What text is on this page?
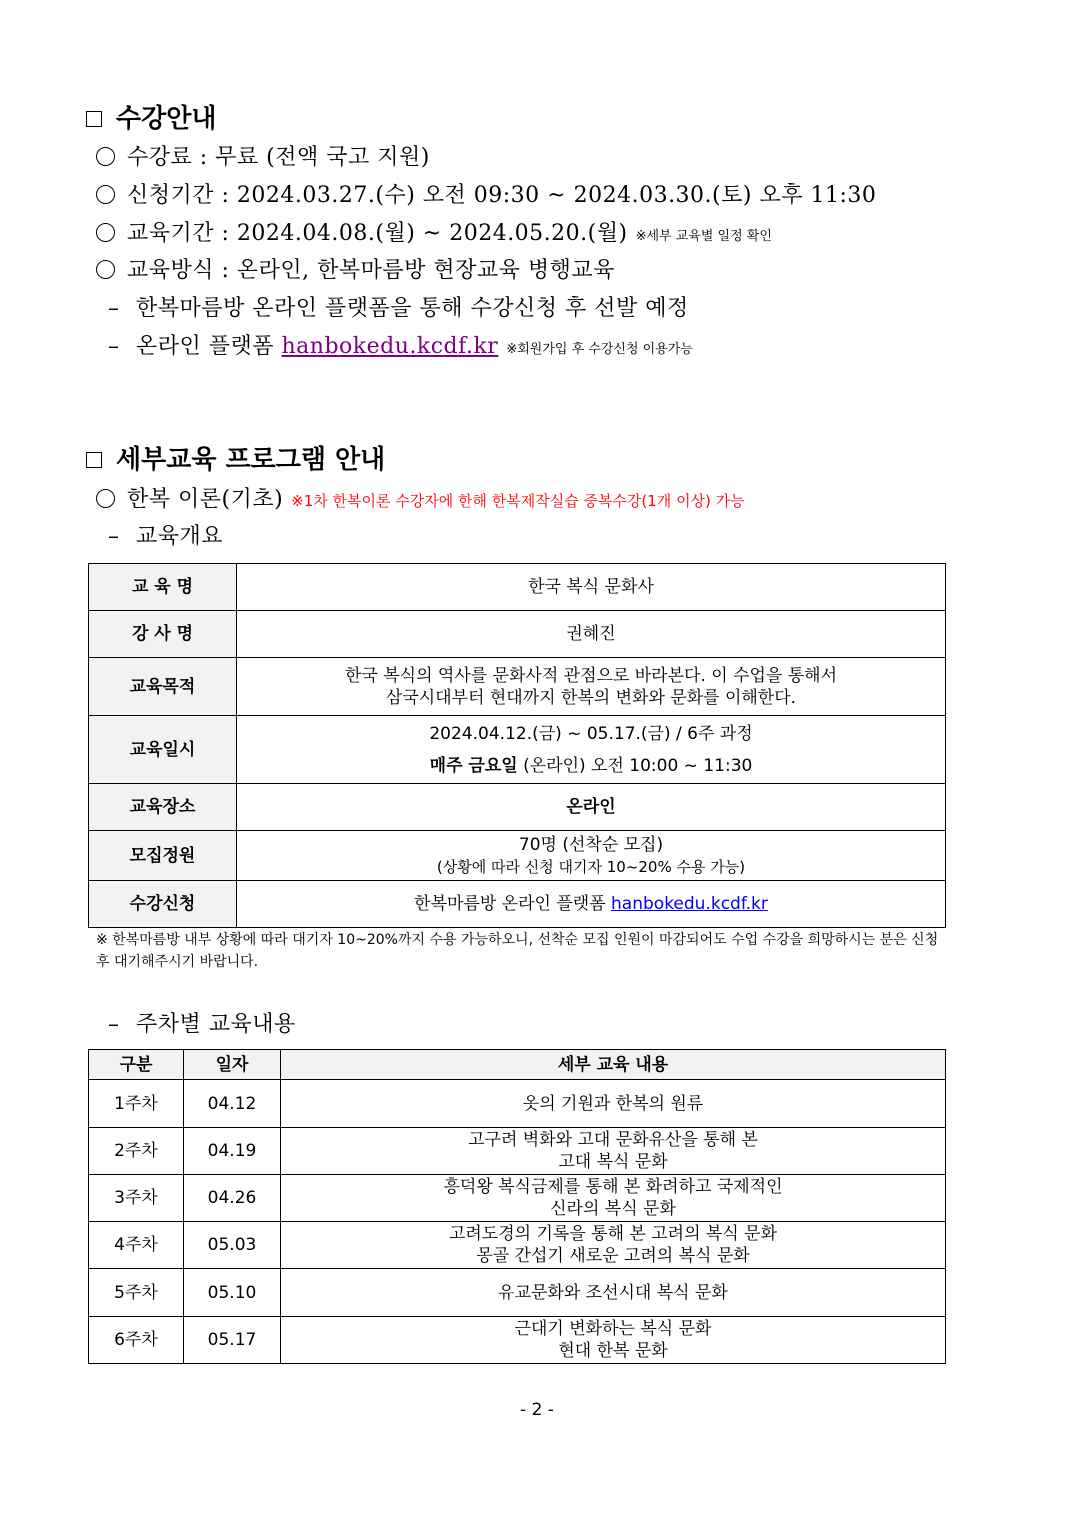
수강안내
수강료 : 무료 (전액 국고 지원)
신청기간 : 2024.03.27.(수) 오전 09:30 ~ 2024.03.30.(토) 오후 11:30
교육기간 : 2024.04.08.(월) ~ 2024.05.20.(월) ※세부 교육별 일정 확인
교육방식 : 온라인, 한복마름방 현장교육 병행교육
– 한복마름방 온라인 플랫폼을 통해 수강신청 후 선발 예정
– 온라인 플랫폼 hanbokedu.kcdf.kr ※회원가입 후 수강신청 이용가능
세부교육 프로그램 안내
한복 이론(기초) ※1차 한복이론 수강자에 한해 한복제작실습 중복수강(1개 이상) 가능
– 교육개요
교 육 명	한국 복식 문화사
강 사 명	권혜진
교육목적	한국 복식의 역사를 문화사적 관점으로 바라본다. 이 수업을 통해서
삼국시대부터 현대까지 한복의 변화와 문화를 이해한다.

교육일시	2024.04.12.(금) ~ 05.17.(금) / 6주 과정
매주 금요일 (온라인) 오전 10:00 ~ 11:30

교육장소	온라인
모집정원	70명 (선착순 모집)
(상황에 따라 신청 대기자 10~20% 수용 가능)

수강신청	한복마름방 온라인 플랫폼 hanbokedu.kcdf.kr
※ 한복마름방 내부 상황에 따라 대기자 10~20%까지 수용 가능하오니, 선착순 모집 인원이 마감되어도 수업 수강을 희망하시는 분은 신청 후 대기해주시기 바랍니다.
– 주차별 교육내용
구분	일자	세부 교육 내용
1주차	04.12	옷의 기원과 한복의 원류

2주차	04.19	고구려 벽화와 고대 문화유산을 통해 본
고대 복식 문화

3주차	04.26	흥덕왕 복식금제를 통해 본 화려하고 국제적인
신라의 복식 문화

4주차	05.03	고려도경의 기록을 통해 본 고려의 복식 문화
몽골 간섭기 새로운 고려의 복식 문화

5주차	05.10	유교문화와 조선시대 복식 문화

6주차	05.17	근대기 변화하는 복식 문화
현대 한복 문화
- 2 -
